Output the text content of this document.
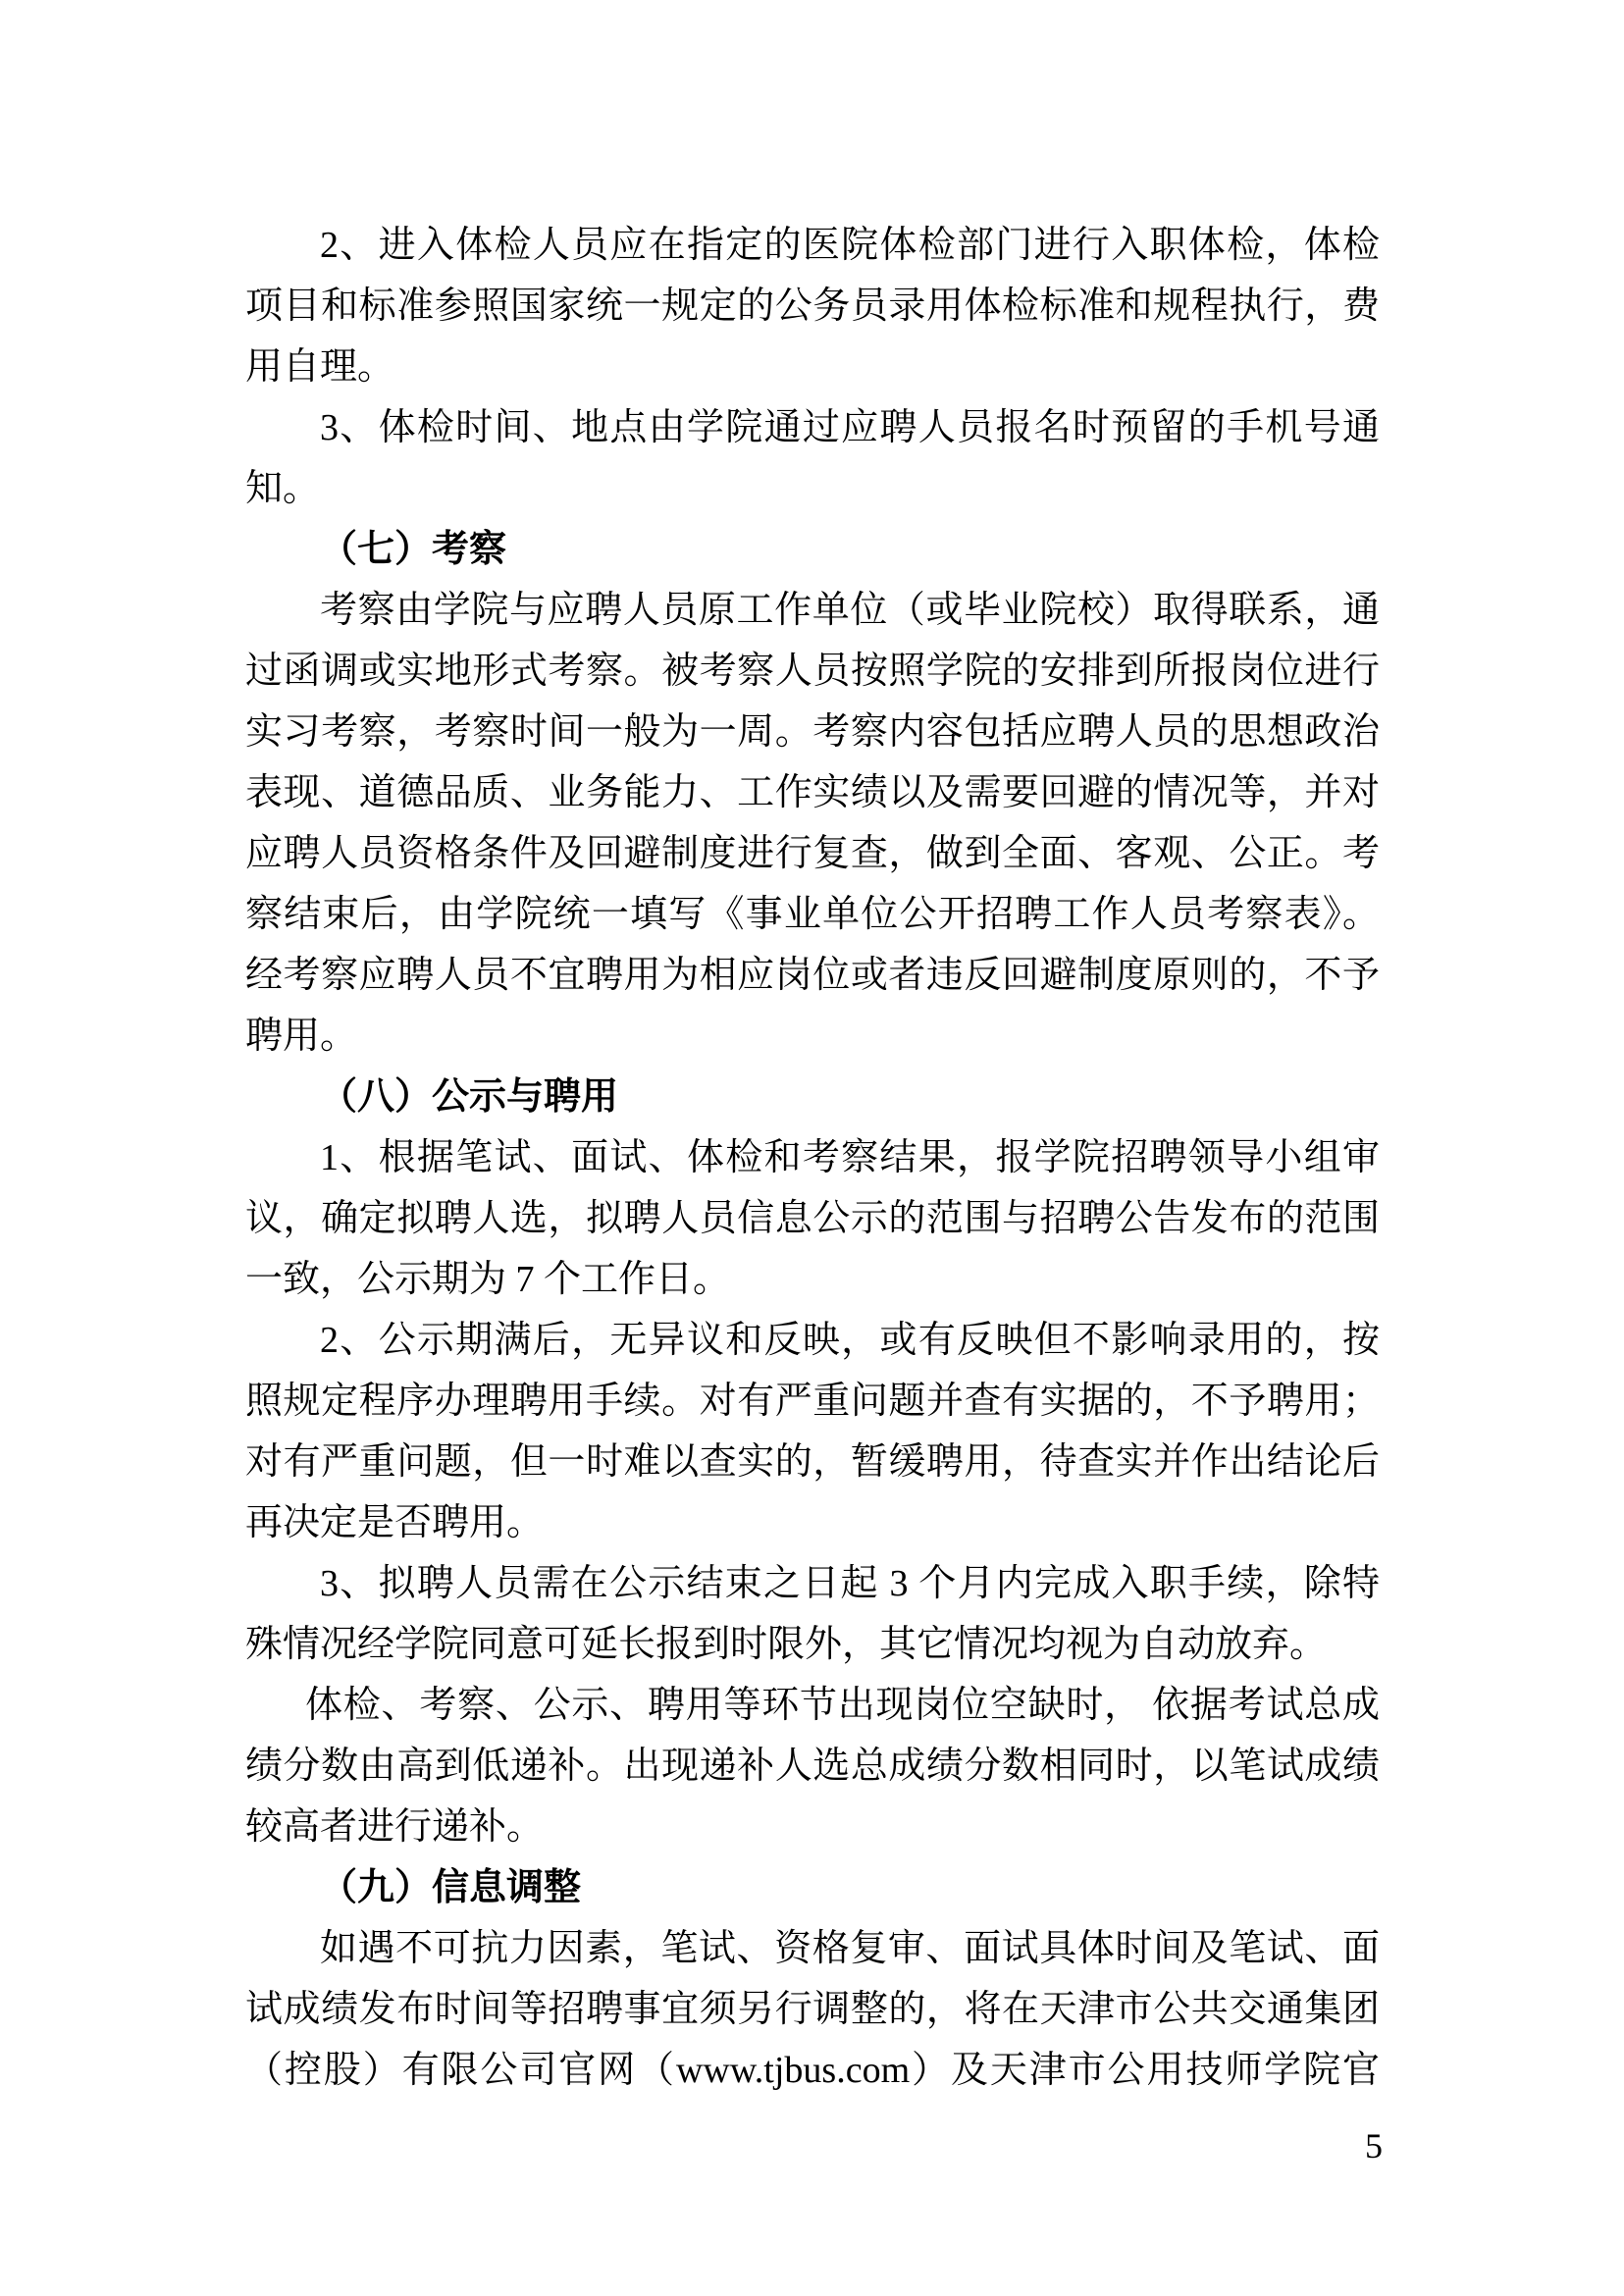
2、进入体检人员应在指定的医院体检部门进行入职体检，体检
项目和标准参照国家统一规定的公务员录用体检标准和规程执行，费
用自理。
3、体检时间、地点由学院通过应聘人员报名时预留的手机号通
知。
（七）考察
考察由学院与应聘人员原工作单位（或毕业院校）取得联系，通
过函调或实地形式考察。被考察人员按照学院的安排到所报岗位进行
实习考察，考察时间一般为一周。考察内容包括应聘人员的思想政治
表现、道德品质、业务能力、工作实绩以及需要回避的情况等，并对
应聘人员资格条件及回避制度进行复查，做到全面、客观、公正。考
察结束后，由学院统一填写《事业单位公开招聘工作人员考察表》。
经考察应聘人员不宜聘用为相应岗位或者违反回避制度原则的，不予
聘用。
（八）公示与聘用
1、根据笔试、面试、体检和考察结果，报学院招聘领导小组审
议，确定拟聘人选，拟聘人员信息公示的范围与招聘公告发布的范围
一致，公示期为 7 个工作日。
2、公示期满后，无异议和反映，或有反映但不影响录用的，按
照规定程序办理聘用手续。对有严重问题并查有实据的，不予聘用；
对有严重问题，但一时难以查实的，暂缓聘用，待查实并作出结论后
再决定是否聘用。
3、拟聘人员需在公示结束之日起 3 个月内完成入职手续，除特
殊情况经学院同意可延长报到时限外，其它情况均视为自动放弃。
体检、考察、公示、聘用等环节出现岗位空缺时， 依据考试总成
绩分数由高到低递补。出现递补人选总成绩分数相同时，以笔试成绩
较高者进行递补。
（九）信息调整
如遇不可抗力因素，笔试、资格复审、面试具体时间及笔试、面
试成绩发布时间等招聘事宜须另行调整的，将在天津市公共交通集团
（控股）有限公司官网（www.tjbus.com）及天津市公用技师学院官
5
